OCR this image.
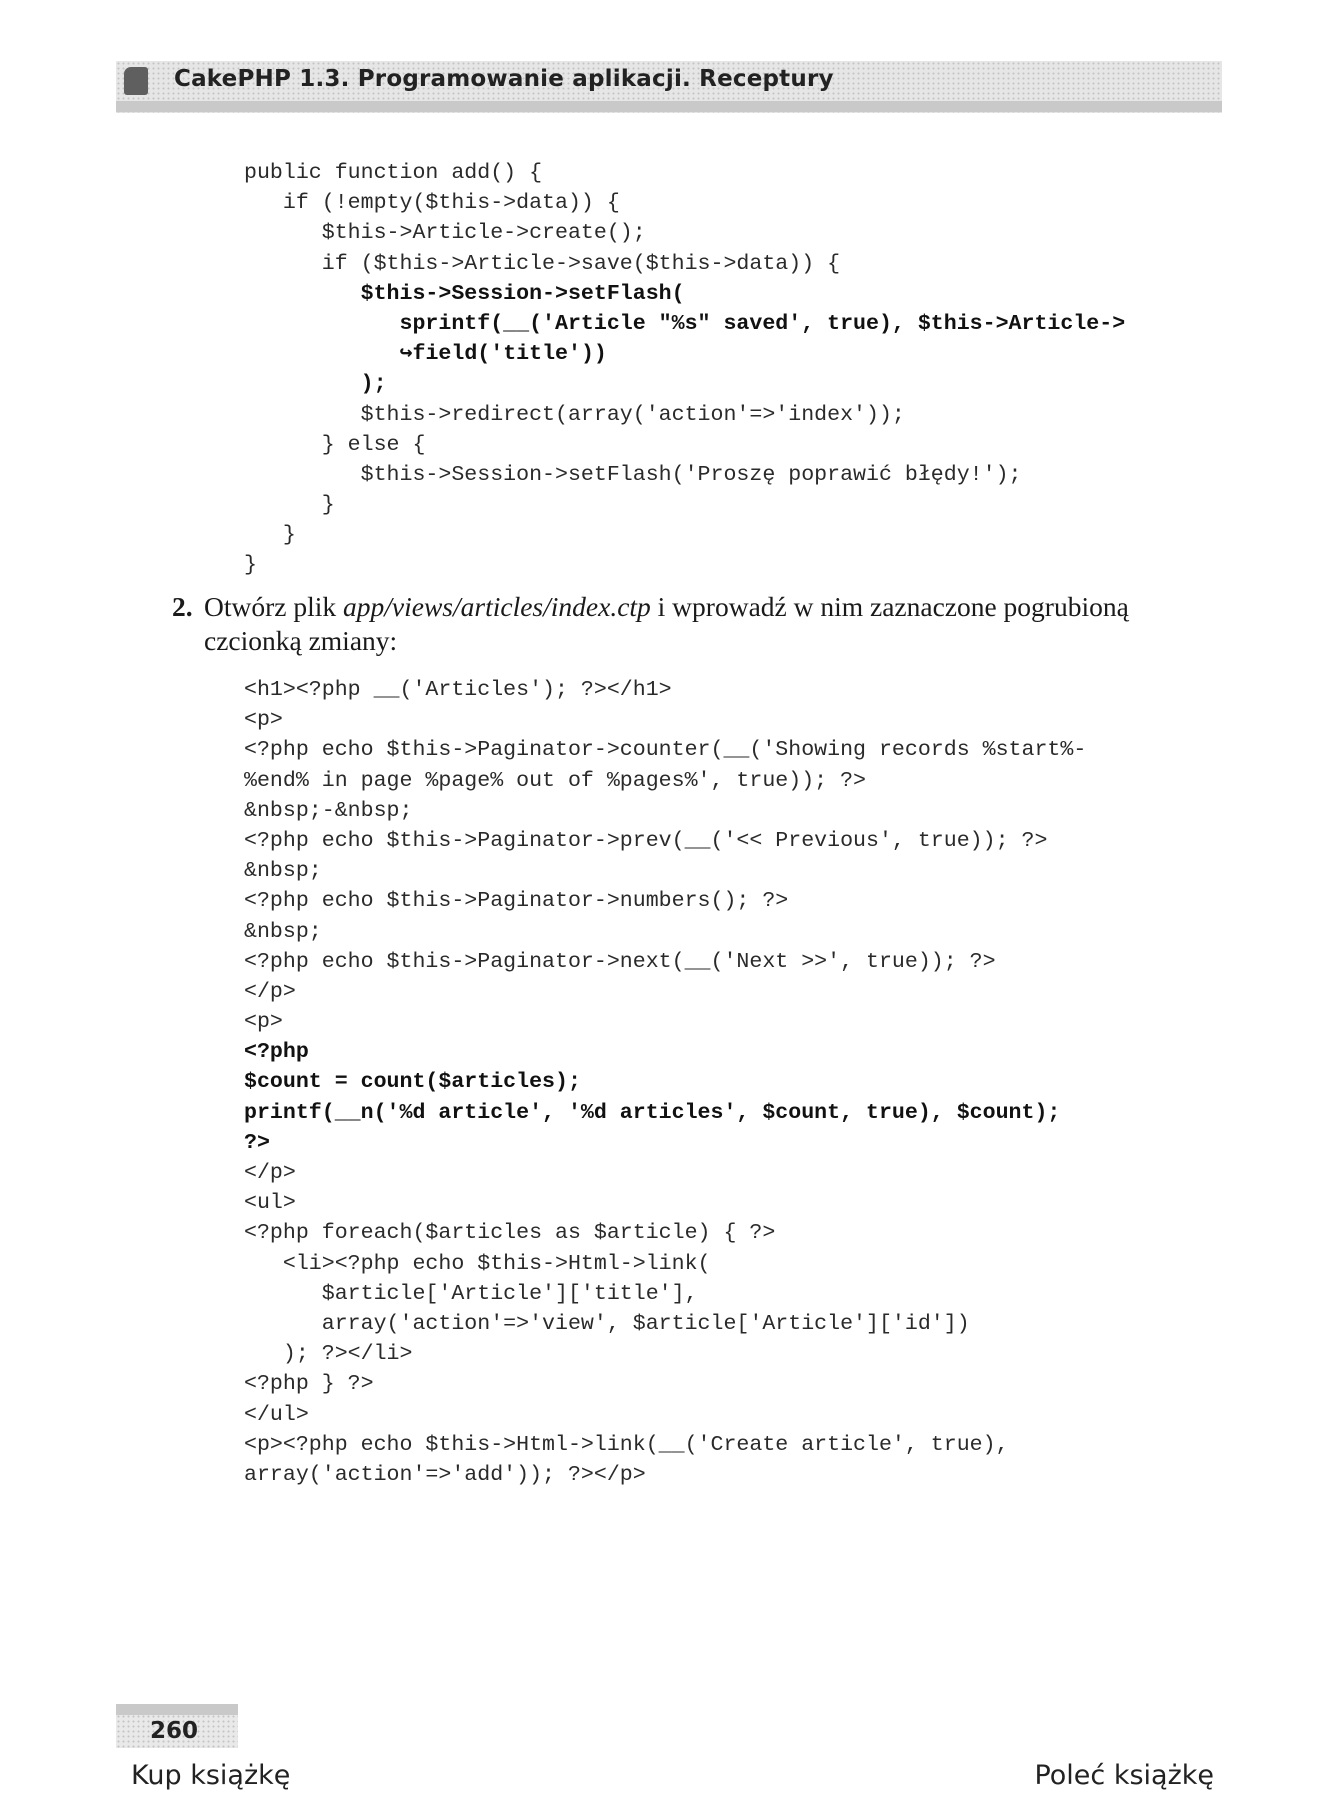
CakePHP 1.3. Programowanie aplikacji. Receptury
public function add() {
if (!empty($this->data)) {
$this->Article->create();
if ($this->Article->save($this->data)) {
$this->Session->setFlash(
sprintf(__('Article "%s" saved', true), $this->Article->
↪field('title'))
);
$this->redirect(array('action'=>'index'));
} else {
$this->Session->setFlash('Proszę poprawić błędy!');
}
}
}
2. Otwórz plik app/views/articles/index.ctp i wprowadź w nim zaznaczone pogrubioną czcionką zmiany:
<h1><?php __('Articles'); ?></h1>
<p>
<?php echo $this->Paginator->counter(__('Showing records %start%-
%end% in page %page% out of %pages%', true)); ?>
&nbsp;-&nbsp;
<?php echo $this->Paginator->prev(__('<< Previous', true)); ?>
&nbsp;
<?php echo $this->Paginator->numbers(); ?>
&nbsp;
<?php echo $this->Paginator->next(__('Next >>', true)); ?>
</p>
<p>
<?php
$count = count($articles);
printf(__n('%d article', '%d articles', $count, true), $count);
?>
</p>
<ul>
<?php foreach($articles as $article) { ?>
<li><?php echo $this->Html->link(
$article['Article']['title'],
array('action'=>'view', $article['Article']['id'])
); ?></li>
<?php } ?>
</ul>
<p><?php echo $this->Html->link(__('Create article', true),
array('action'=>'add')); ?></p>
260
Kup książkę	Poleć książkę
